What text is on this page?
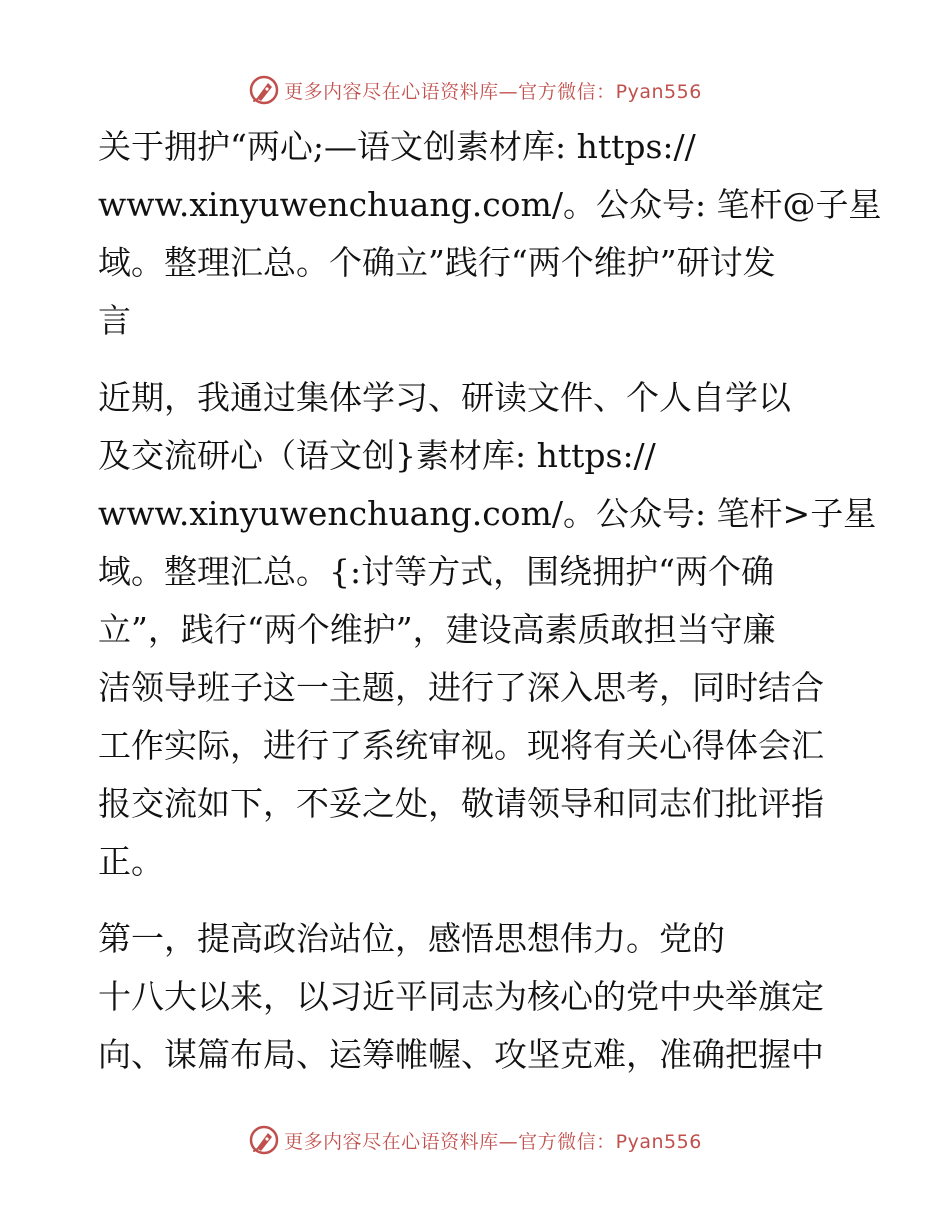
更多内容尽在心语资料库—官方微信：Pyan556
关于拥护“两心;—语文创素材库: https://
www.xinyuwenchuang.com/。公众号: 笔杆@子星
域。整理汇总。个确立”践行“两个维护”研讨发
言
近期，我通过集体学习、研读文件、个人自学以
及交流研心（语文创}素材库: https://
www.xinyuwenchuang.com/。公众号: 笔杆>子星
域。整理汇总。{:讨等方式，围绕拥护“两个确
立”，践行“两个维护”，建设高素质敢担当守廉
洁领导班子这一主题，进行了深入思考，同时结合
工作实际，进行了系统审视。现将有关心得体会汇
报交流如下，不妥之处，敬请领导和同志们批评指
正。
第一，提高政治站位，感悟思想伟力。党的
十八大以来，以习近平同志为核心的党中央举旗定
向、谋篇布局、运筹帷幄、攻坚克难，准确把握中
更多内容尽在心语资料库—官方微信：Pyan556
